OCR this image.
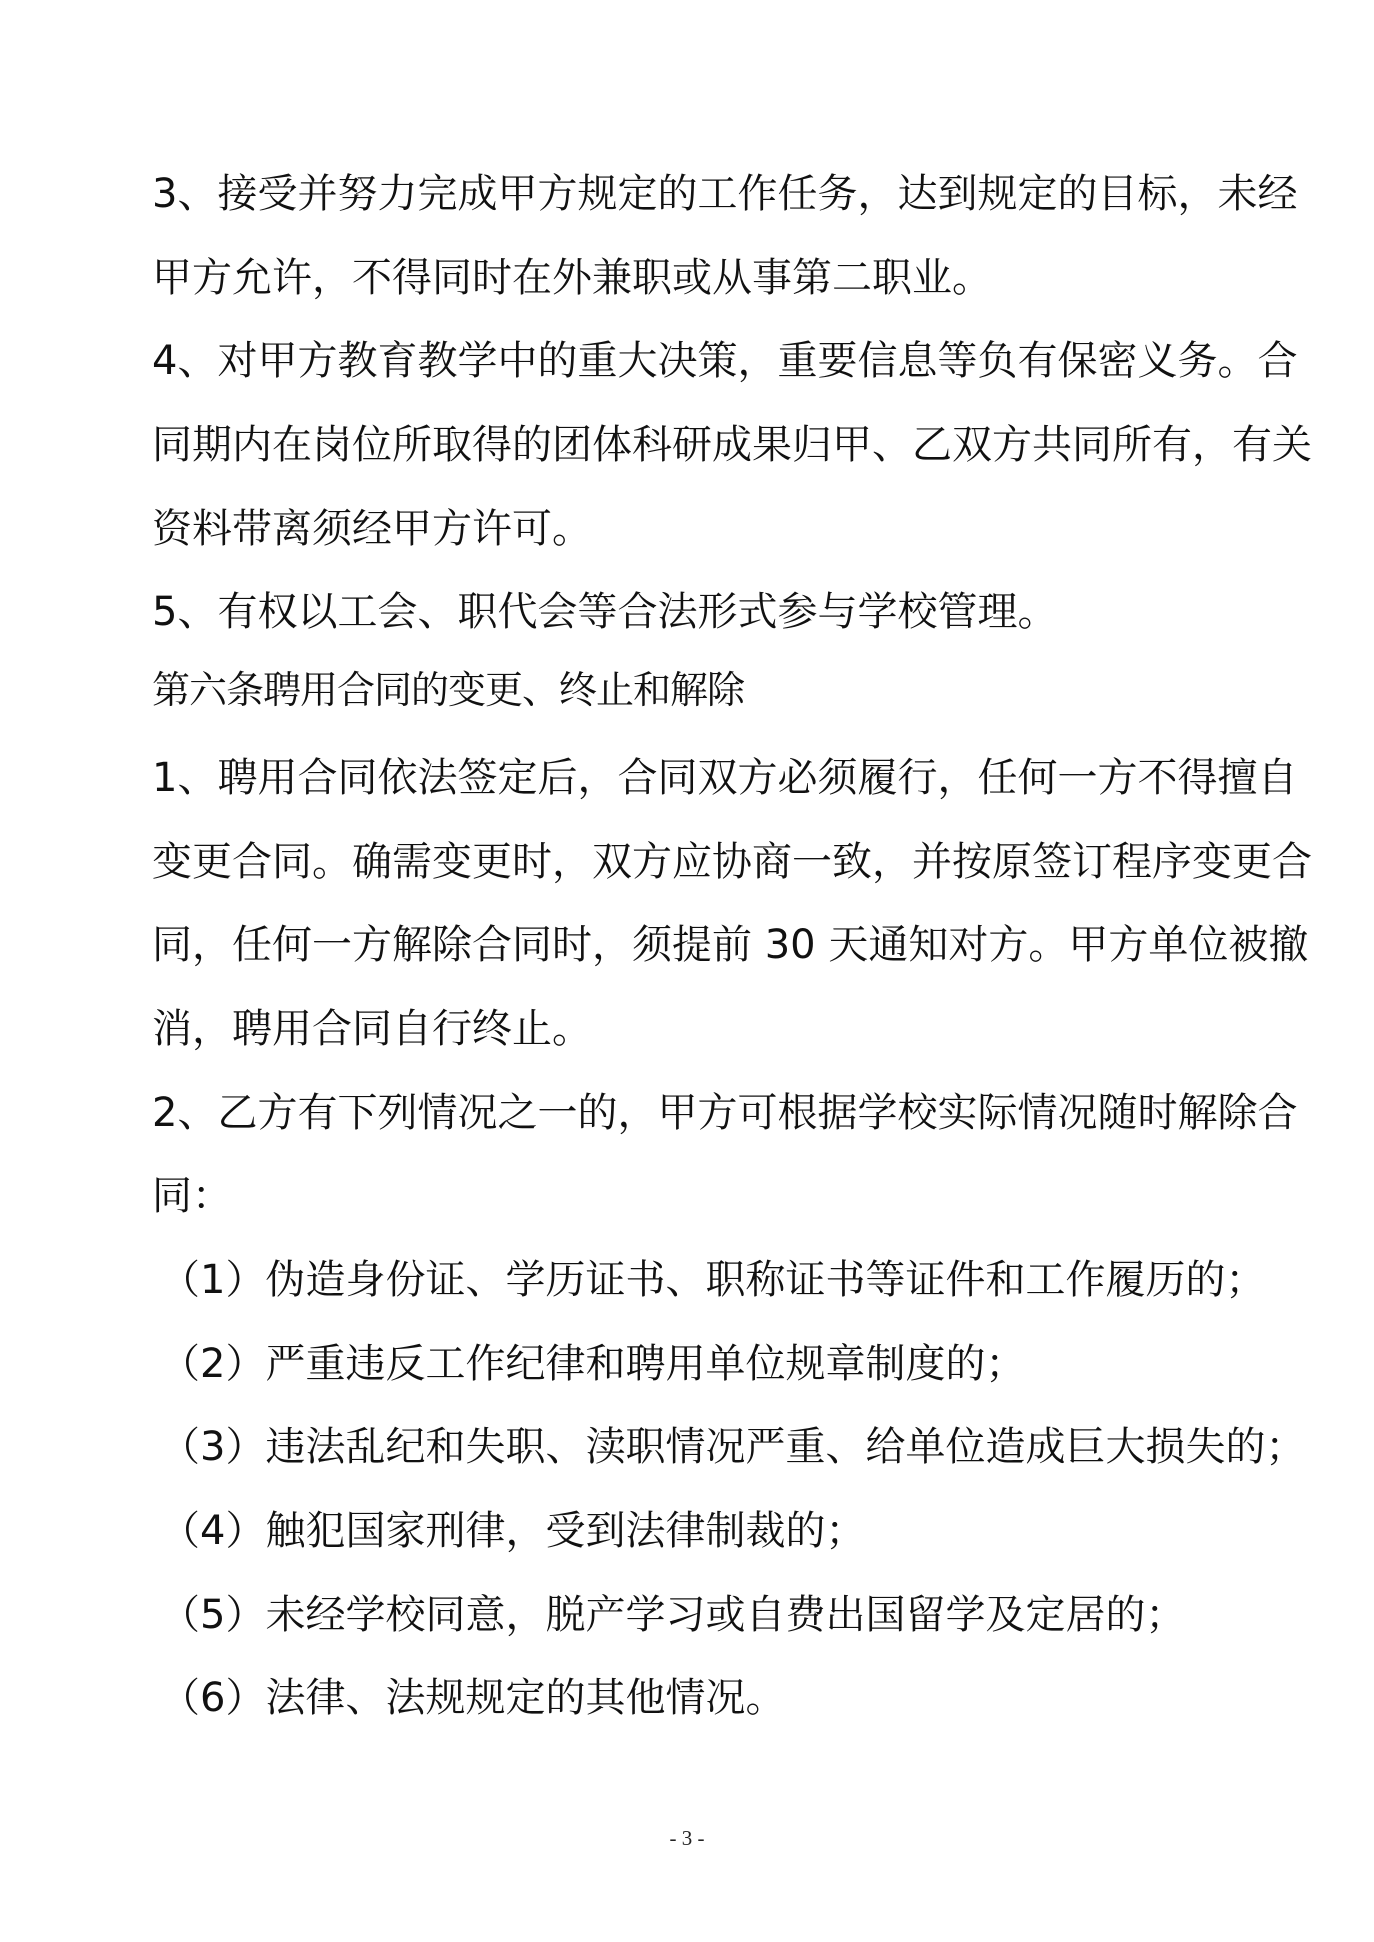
3、接受并努力完成甲方规定的工作任务，达到规定的目标，未经
甲方允许，不得同时在外兼职或从事第二职业。
4、对甲方教育教学中的重大决策，重要信息等负有保密义务。合
同期内在岗位所取得的团体科研成果归甲、乙双方共同所有，有关
资料带离须经甲方许可。
5、有权以工会、职代会等合法形式参与学校管理。
第六条聘用合同的变更、终止和解除
1、聘用合同依法签定后，合同双方必须履行，任何一方不得擅自
变更合同。确需变更时，双方应协商一致，并按原签订程序变更合
同，任何一方解除合同时，须提前 30 天通知对方。甲方单位被撤
消，聘用合同自行终止。
2、乙方有下列情况之一的，甲方可根据学校实际情况随时解除合
同：
（1）伪造身份证、学历证书、职称证书等证件和工作履历的；
（2）严重违反工作纪律和聘用单位规章制度的；
（3）违法乱纪和失职、渎职情况严重、给单位造成巨大损失的；
（4）触犯国家刑律，受到法律制裁的；
（5）未经学校同意，脱产学习或自费出国留学及定居的；
（6）法律、法规规定的其他情况。
- 3 -
